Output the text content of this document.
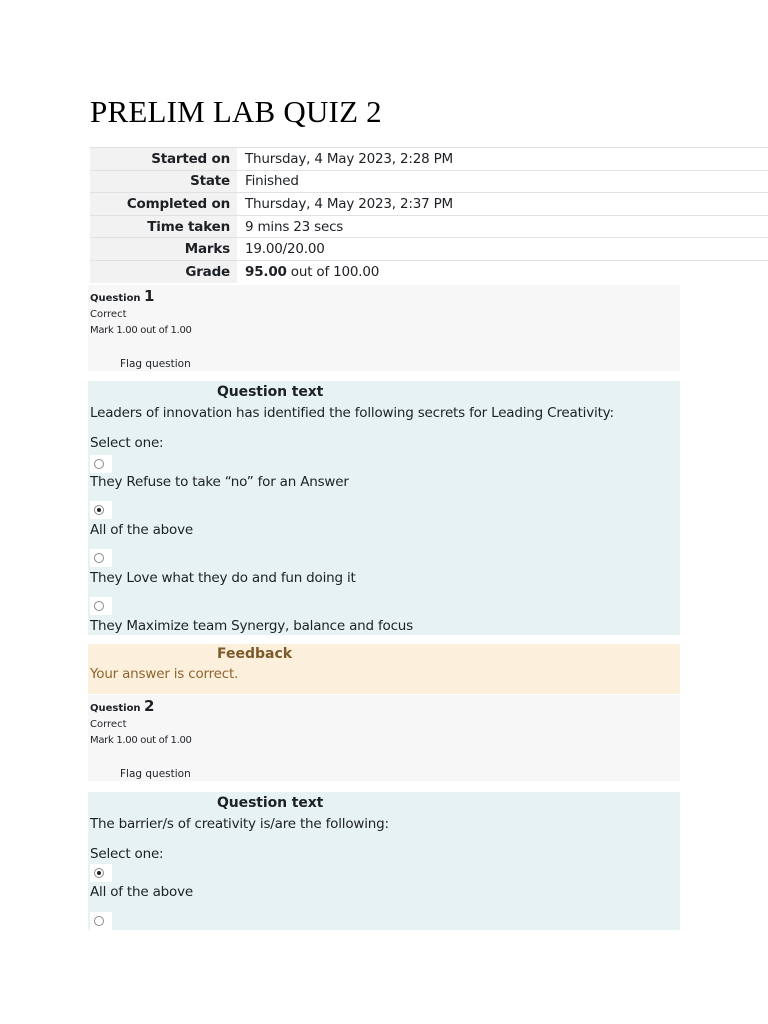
PRELIM LAB QUIZ 2
Started on	Thursday, 4 May 2023, 2:28 PM
State	Finished
Completed on	Thursday, 4 May 2023, 2:37 PM
Time taken	9 mins 23 secs
Marks	19.00/20.00
Grade	95.00 out of 100.00
Question 1
Correct
Mark 1.00 out of 1.00
Flag question
Question text
Leaders of innovation has identified the following secrets for Leading Creativity:
Select one:
They Refuse to take “no” for an Answer
All of the above
They Love what they do and fun doing it
They Maximize team Synergy, balance and focus
Feedback
Your answer is correct.
Question 2
Correct
Mark 1.00 out of 1.00
Flag question
Question text
The barrier/s of creativity is/are the following:
Select one:
All of the above
